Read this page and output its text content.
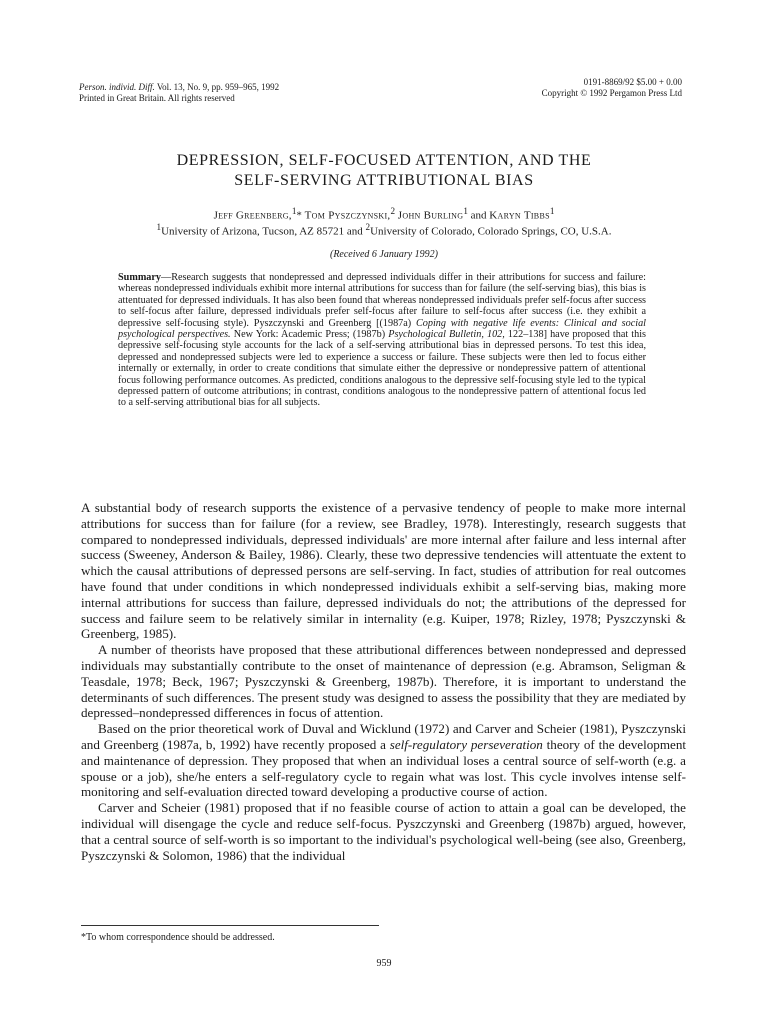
Person. individ. Diff. Vol. 13, No. 9, pp. 959–965, 1992
Printed in Great Britain. All rights reserved
0191-8869/92 $5.00 + 0.00
Copyright © 1992 Pergamon Press Ltd
DEPRESSION, SELF-FOCUSED ATTENTION, AND THE
SELF-SERVING ATTRIBUTIONAL BIAS
Jeff Greenberg,$^1$* Tom Pyszczynski,$^2$ John Burling$^1$ and Karyn Tibbs$^1$
$^1$University of Arizona, Tucson, AZ 85721 and $^2$University of Colorado, Colorado Springs, CO, U.S.A.
(Received 6 January 1992)
Summary—Research suggests that nondepressed and depressed individuals differ in their attributions for success and failure: whereas nondepressed individuals exhibit more internal attributions for success than for failure (the self-serving bias), this bias is attentuated for depressed individuals. It has also been found that whereas nondepressed individuals prefer self-focus after success to self-focus after failure, depressed individuals prefer self-focus after failure to self-focus after success (i.e. they exhibit a depressive self-focusing style). Pyszczynski and Greenberg [(1987a) Coping with negative life events: Clinical and social psychological perspectives. New York: Academic Press; (1987b) Psychological Bulletin, 102, 122–138] have proposed that this depressive self-focusing style accounts for the lack of a self-serving attributional bias in depressed persons. To test this idea, depressed and nondepressed subjects were led to experience a success or failure. These subjects were then led to focus either internally or externally, in order to create conditions that simulate either the depressive or nondepressive pattern of attentional focus following performance outcomes. As predicted, conditions analogous to the depressive self-focusing style led to the typical depressed pattern of outcome attributions; in contrast, conditions analogous to the nondepressive pattern of attentional focus led to a self-serving attributional bias for all subjects.

A substantial body of research supports the existence of a pervasive tendency of people to make more internal attributions for success than for failure (for a review, see Bradley, 1978). Interestingly, research suggests that compared to nondepressed individuals, depressed individuals' are more internal after failure and less internal after success (Sweeney, Anderson & Bailey, 1986). Clearly, these two depressive tendencies will attentuate the extent to which the causal attributions of depressed persons are self-serving. In fact, studies of attribution for real outcomes have found that under conditions in which nondepressed individuals exhibit a self-serving bias, making more internal attributions for success than failure, depressed individuals do not; the attributions of the depressed for success and failure seem to be relatively similar in internality (e.g. Kuiper, 1978; Rizley, 1978; Pyszczynski & Greenberg, 1985).

A number of theorists have proposed that these attributional differences between nondepressed and depressed individuals may substantially contribute to the onset of maintenance of depression (e.g. Abramson, Seligman & Teasdale, 1978; Beck, 1967; Pyszczynski & Greenberg, 1987b). Therefore, it is important to understand the determinants of such differences. The present study was designed to assess the possibility that they are mediated by depressed–nondepressed differences in focus of attention.

Based on the prior theoretical work of Duval and Wicklund (1972) and Carver and Scheier (1981), Pyszczynski and Greenberg (1987a, b, 1992) have recently proposed a self-regulatory perseveration theory of the development and maintenance of depression. They proposed that when an individual loses a central source of self-worth (e.g. a spouse or a job), she/he enters a self-regulatory cycle to regain what was lost. This cycle involves intense self-monitoring and self-evaluation directed toward developing a productive course of action.

Carver and Scheier (1981) proposed that if no feasible course of action to attain a goal can be developed, the individual will disengage the cycle and reduce self-focus. Pyszczynski and Greenberg (1987b) argued, however, that a central source of self-worth is so important to the individual's psychological well-being (see also, Greenberg, Pyszczynski & Solomon, 1986) that the individual

*To whom correspondence should be addressed.
959
